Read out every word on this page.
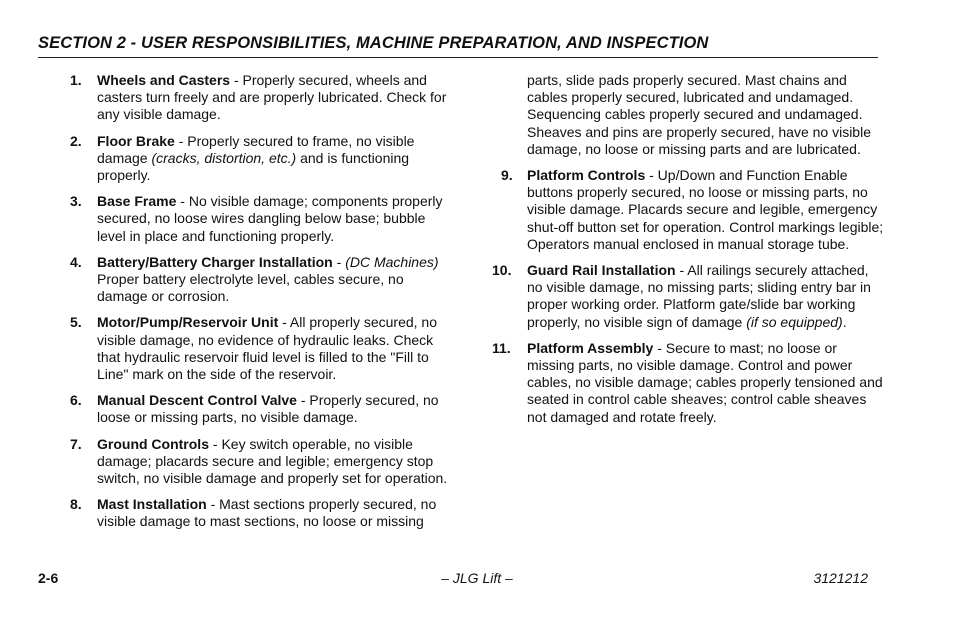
SECTION 2 - USER RESPONSIBILITIES, MACHINE PREPARATION, AND INSPECTION
1.	Wheels and Casters - Properly secured, wheels and casters turn freely and are properly lubricated. Check for any visible damage.
2.	Floor Brake - Properly secured to frame, no visible damage (cracks, distortion, etc.) and is functioning properly.
3.	Base Frame - No visible damage; components properly secured, no loose wires dangling below base; bubble level in place and functioning properly.
4.	Battery/Battery Charger Installation - (DC Machines) Proper battery electrolyte level, cables secure, no damage or corrosion.
5.	Motor/Pump/Reservoir Unit - All properly secured, no visible damage, no evidence of hydraulic leaks. Check that hydraulic reservoir fluid level is filled to the "Fill to Line" mark on the side of the reservoir.
6.	Manual Descent Control Valve - Properly secured, no loose or missing parts, no visible damage.
7.	Ground Controls - Key switch operable, no visible damage; placards secure and legible; emergency stop switch, no visible damage and properly set for operation.
8.	Mast Installation - Mast sections properly secured, no visible damage to mast sections, no loose or missing
parts, slide pads properly secured. Mast chains and cables properly secured, lubricated and undamaged. Sequencing cables properly secured and undamaged. Sheaves and pins are properly secured, have no visible damage, no loose or missing parts and are lubricated.
9.	Platform Controls - Up/Down and Function Enable buttons properly secured, no loose or missing parts, no visible damage. Placards secure and legible, emergency shut-off button set for operation. Control markings legible; Operators manual enclosed in manual storage tube.
10.	Guard Rail Installation - All railings securely attached, no visible damage, no missing parts; sliding entry bar in proper working order. Platform gate/slide bar working properly, no visible sign of damage (if so equipped).
11.	Platform Assembly - Secure to mast; no loose or missing parts, no visible damage. Control and power cables, no visible damage; cables properly tensioned and seated in control cable sheaves; control cable sheaves not damaged and rotate freely.
2-6	– JLG Lift –	3121212
